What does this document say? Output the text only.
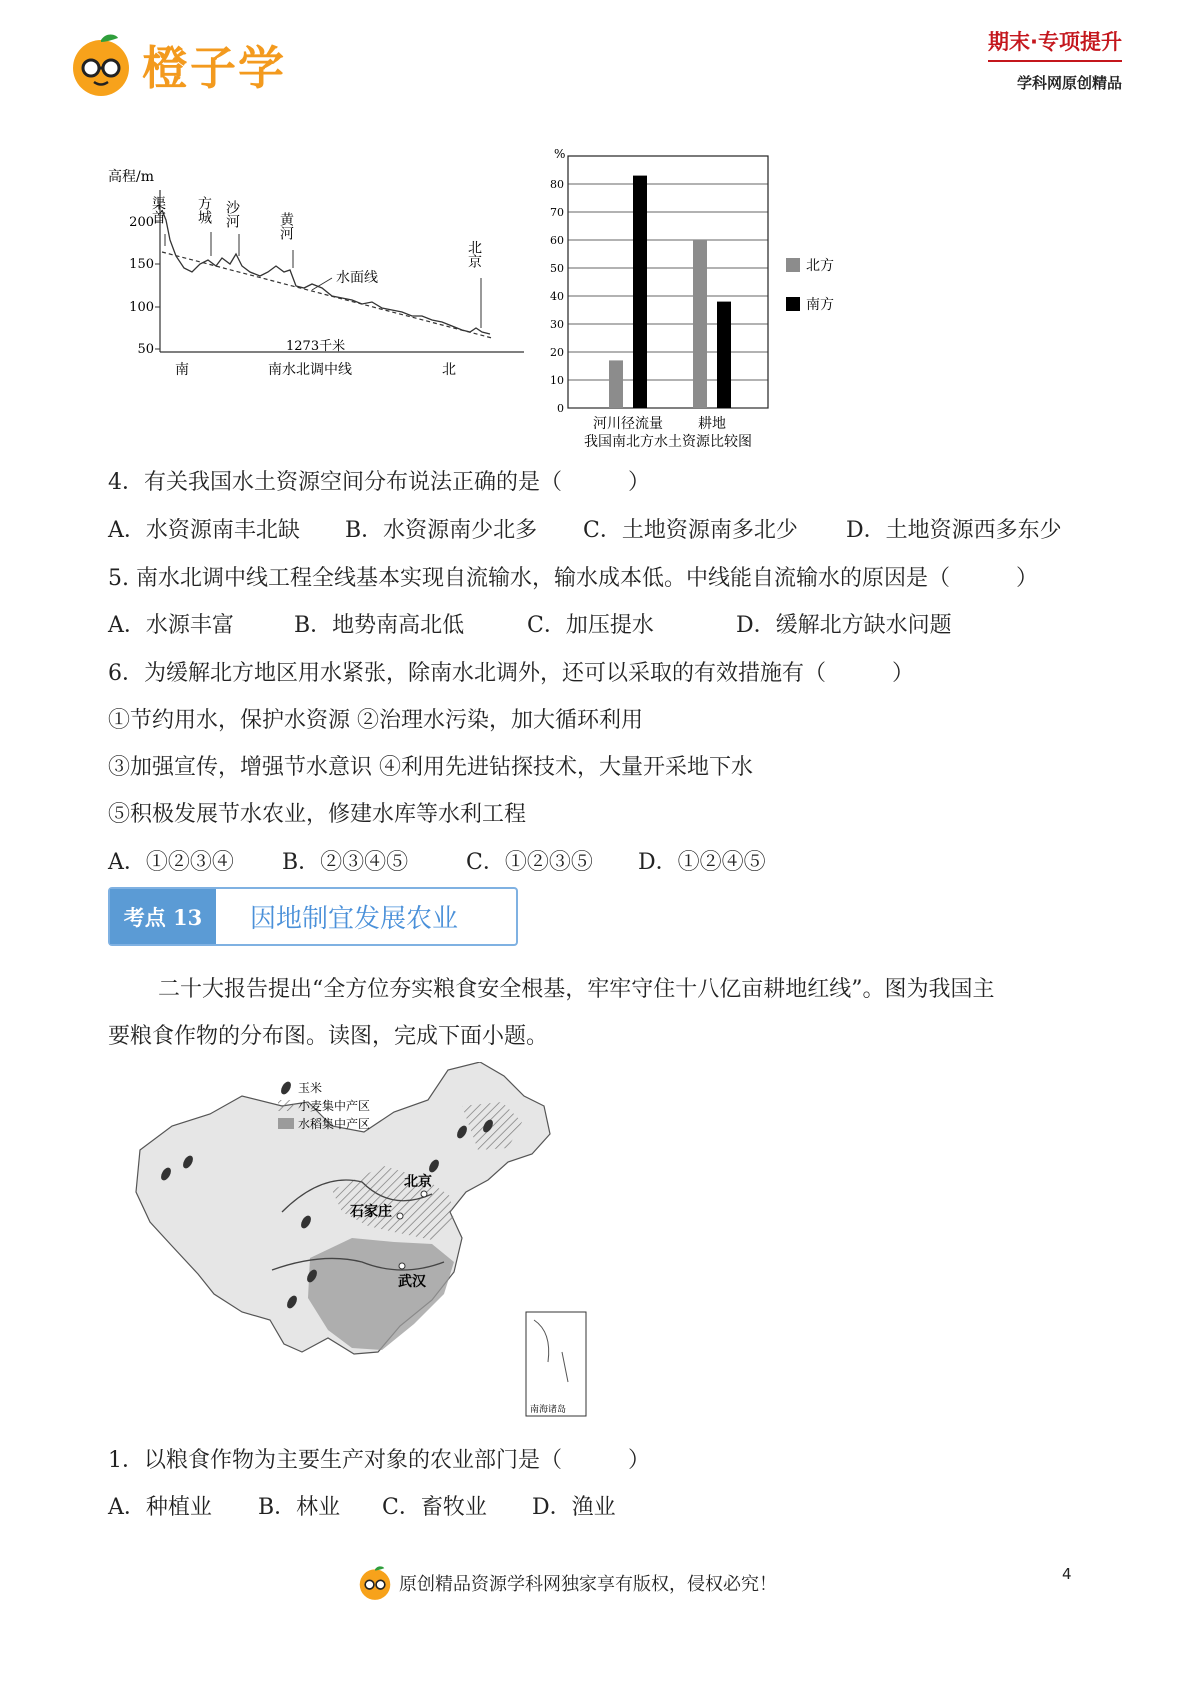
橙子学	期末·专项提升
学科网原创精品
高程/m
200
150
100
50
渠首 方城 沙河	黄河
北京
水面线
1273千米
南	南水北调中线	北
%
0
10
20
30
40
50
60
70
80
河川径流量	耕地
我国南北方水土资源比较图
北方
南方
4．有关我国水土资源空间分布说法正确的是（　　　）
A．水资源南丰北缺 B．水资源南少北多 C．土地资源南多北少 D．土地资源西多东少
5. 南水北调中线工程全线基本实现自流输水，输水成本低。中线能自流输水的原因是（　　　）
A．水源丰富	B．地势南高北低	C．加压提水	D．缓解北方缺水问题
6．为缓解北方地区用水紧张，除南水北调外，还可以采取的有效措施有（　　　）
①节约用水，保护水资源 ②治理水污染，加大循环利用
③加强宣传，增强节水意识 ④利用先进钻探技术，大量开采地下水
⑤积极发展节水农业，修建水库等水利工程
A．①②③④ B．②③④⑤	C．①②③⑤ D．①②④⑤
考点 13	因地制宜发展农业
二十大报告提出“全方位夯实粮食安全根基，牢牢守住十八亿亩耕地红线”。图为我国主
要粮食作物的分布图。读图，完成下面小题。
玉米
小麦集中产区
水稻集中产区
北京
石家庄
武汉
南海诸岛
1．以粮食作物为主要生产对象的农业部门是（　　　）
A．种植业 B．林业 C．畜牧业 D．渔业
原创精品资源学科网独家享有版权，侵权必究！	4
